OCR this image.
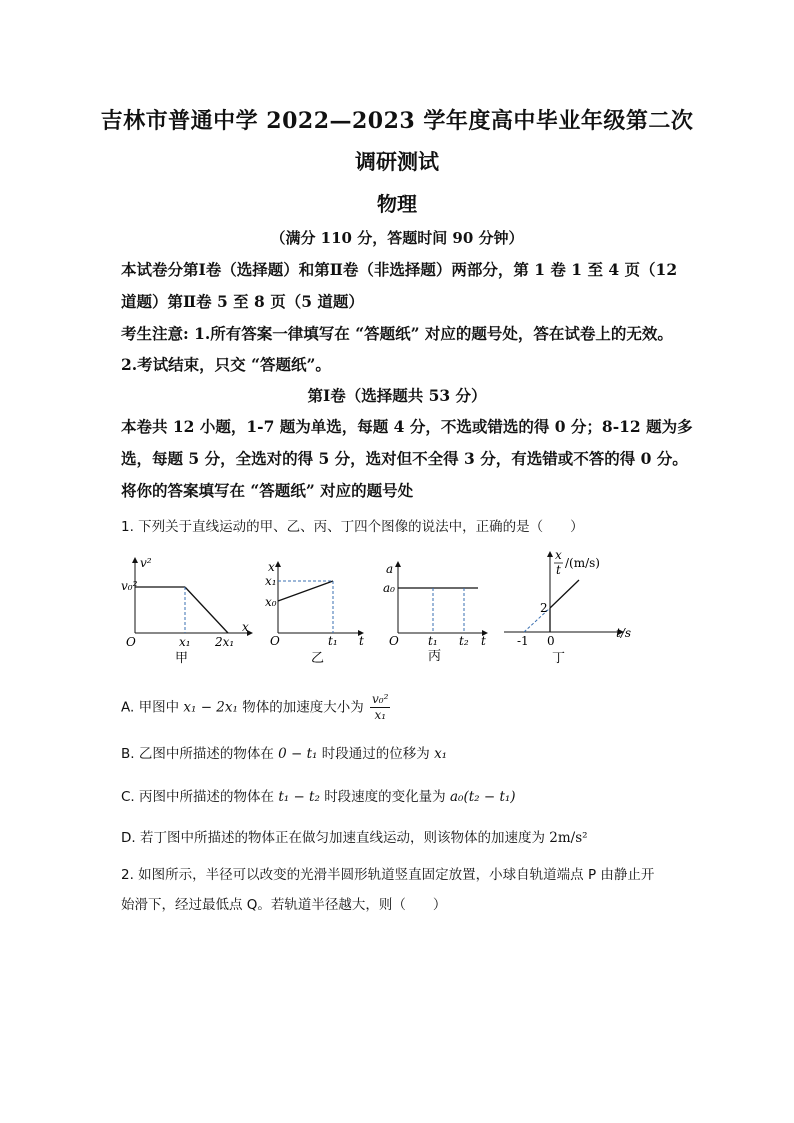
吉林市普通中学 2022—2023 学年度高中毕业年级第二次
调研测试
物理
（满分 110 分，答题时间 90 分钟）
本试卷分第Ⅰ卷（选择题）和第Ⅱ卷（非选择题）两部分，第 1 卷 1 至 4 页（12
道题）第Ⅱ卷 5 至 8 页（5 道题）
考生注意: 1.所有答案一律填写在 “答题纸” 对应的题号处，答在试卷上的无效。
2.考试结束，只交 “答题纸”。
第Ⅰ卷（选择题共 53 分）
本卷共 12 小题，1-7 题为单选，每题 4 分，不选或错选的得 0 分；8-12 题为多
选，每题 5 分，全选对的得 5 分，选对但不全得 3 分，有选错或不答的得 0 分。
将你的答案填写在 “答题纸” 对应的题号处
1. 下列关于直线运动的甲、乙、丙、丁四个图像的说法中，正确的是（　　）
v²
v₀²
x
x₁ 2x₁
O
甲
x
x₁
x₀
t
t₁
O
乙
a
a₀
t
t₁ t₂
O
丙
x
t /(m/s)
2
-1 0
t/s
丁
A. 甲图中 x₁ − 2x₁ 物体的加速度大小为 $\frac{\text{v₀²}}{\text{x₁}}$
B. 乙图中所描述的物体在 0 − t₁ 时段通过的位移为 x₁
C. 丙图中所描述的物体在 t₁ − t₂ 时段速度的变化量为 a₀(t₂ − t₁)
D. 若丁图中所描述的物体正在做匀加速直线运动，则该物体的加速度为 2m/s²
2. 如图所示，半径可以改变的光滑半圆形轨道竖直固定放置，小球自轨道端点 P 由静止开
始滑下，经过最低点 Q。若轨道半径越大，则（　　）
